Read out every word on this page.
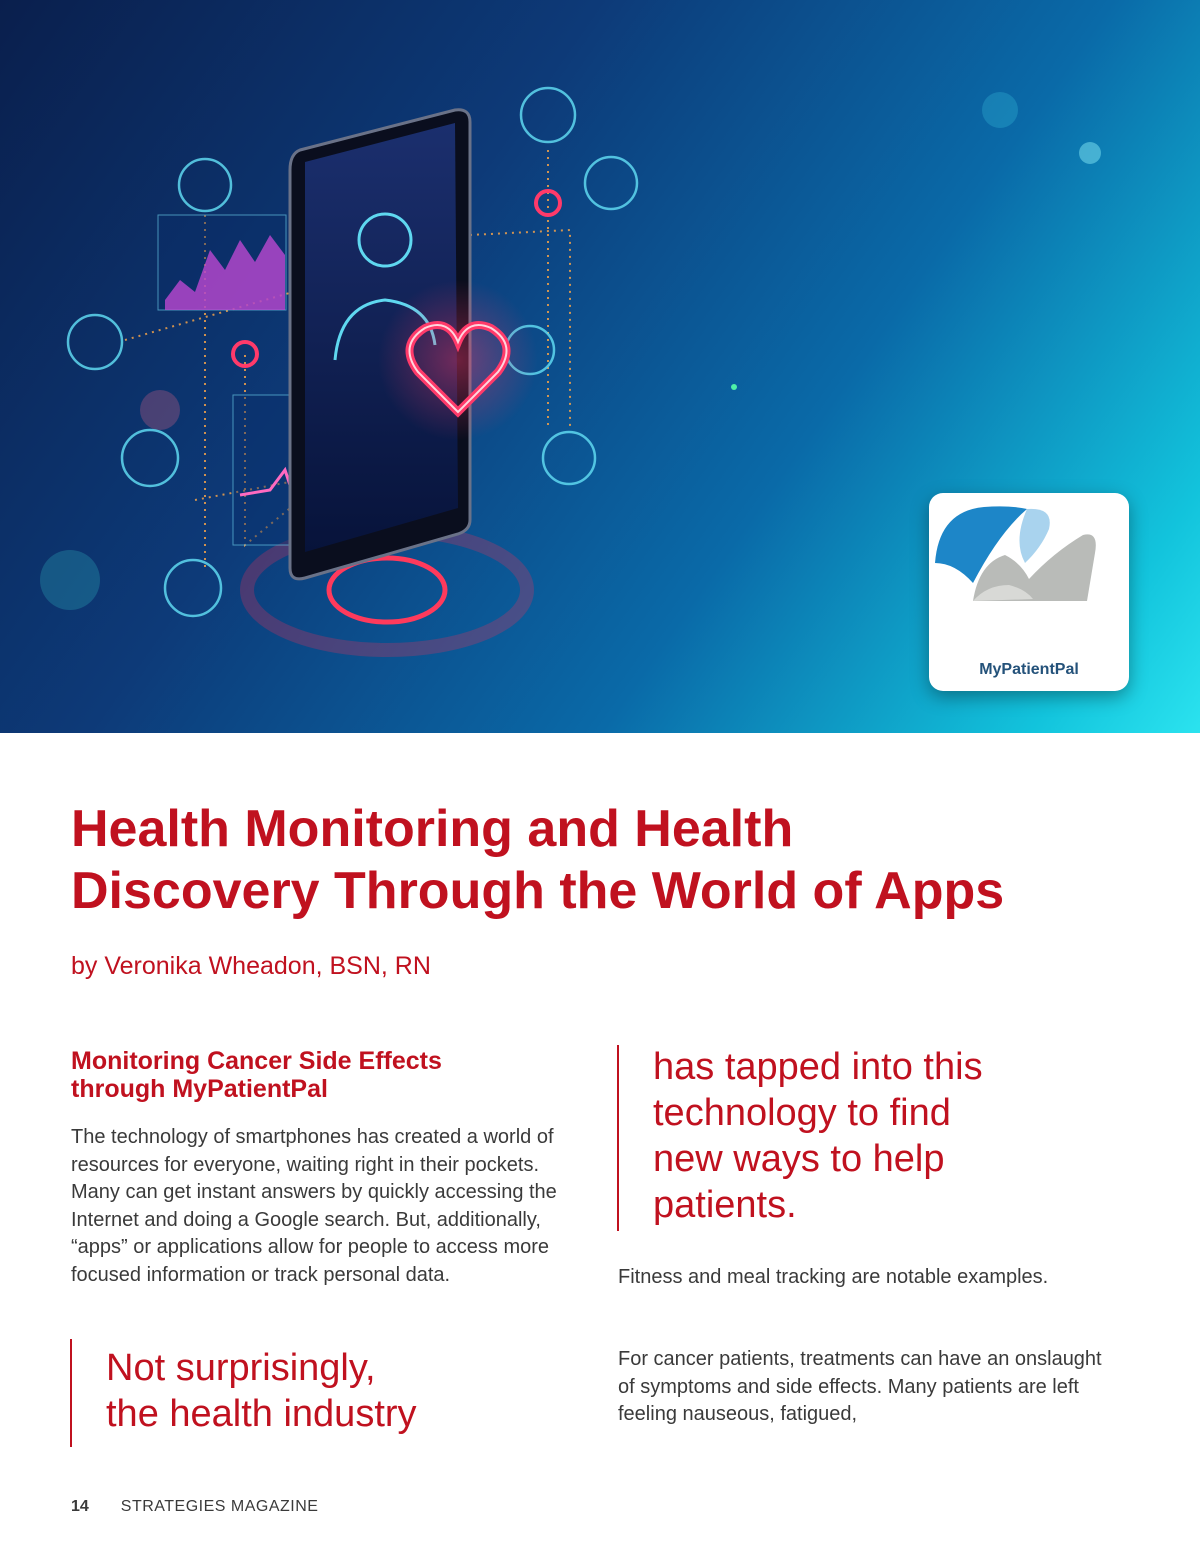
MyPatientPal
Health Monitoring and Health
Discovery Through the World of Apps

by Veronika Wheadon, BSN, RN

Monitoring Cancer Side Effects
through MyPatientPal

The technology of smartphones has created a world of resources for everyone, waiting right in their pockets. Many can get instant answers by quickly accessing the Internet and doing a Google search. But, additionally, “apps” or applications allow for people to access more focused information or track personal data.

Not surprisingly,
the health industry

has tapped into this
technology to find
new ways to help
patients.

Fitness and meal tracking are notable examples.

For cancer patients, treatments can have an onslaught of symptoms and side effects. Many patients are left feeling nauseous, fatigued,

14 STRATEGIES MAGAZINE
